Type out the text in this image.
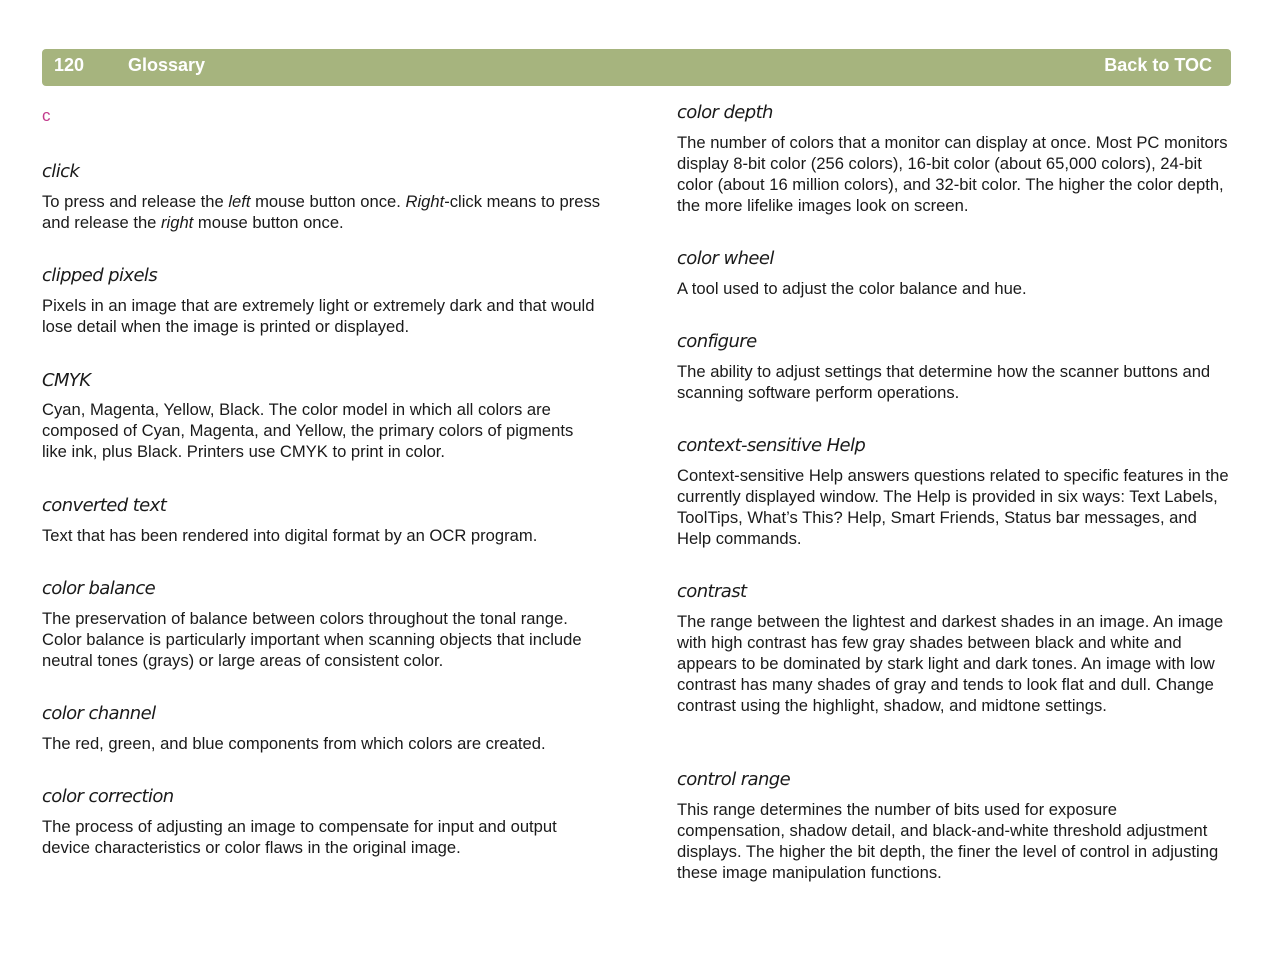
120 Glossary	Back to TOC
c

click

To press and release the left mouse button once. Right-click means to press and release the right mouse button once.

clipped pixels

Pixels in an image that are extremely light or extremely dark and that would lose detail when the image is printed or displayed.

CMYK

Cyan, Magenta, Yellow, Black. The color model in which all colors are composed of Cyan, Magenta, and Yellow, the primary colors of pigments like ink, plus Black. Printers use CMYK to print in color.

converted text

Text that has been rendered into digital format by an OCR program.

color balance

The preservation of balance between colors throughout the tonal range. Color balance is particularly important when scanning objects that include neutral tones (grays) or large areas of consistent color.

color channel

The red, green, and blue components from which colors are created.

color correction

The process of adjusting an image to compensate for input and output device characteristics or color flaws in the original image.

color depth

The number of colors that a monitor can display at once. Most PC monitors display 8-bit color (256 colors), 16-bit color (about 65,000 colors), 24-bit color (about 16 million colors), and 32-bit color. The higher the color depth, the more lifelike images look on screen.

color wheel

A tool used to adjust the color balance and hue.

configure

The ability to adjust settings that determine how the scanner buttons and scanning software perform operations.

context-sensitive Help

Context-sensitive Help answers questions related to specific features in the currently displayed window. The Help is provided in six ways: Text Labels, ToolTips, What’s This? Help, Smart Friends, Status bar messages, and Help commands.

contrast

The range between the lightest and darkest shades in an image. An image with high contrast has few gray shades between black and white and appears to be dominated by stark light and dark tones. An image with low contrast has many shades of gray and tends to look flat and dull. Change contrast using the highlight, shadow, and midtone settings.

control range

This range determines the number of bits used for exposure compensation, shadow detail, and black-and-white threshold adjustment displays. The higher the bit depth, the finer the level of control in adjusting these image manipulation functions.
